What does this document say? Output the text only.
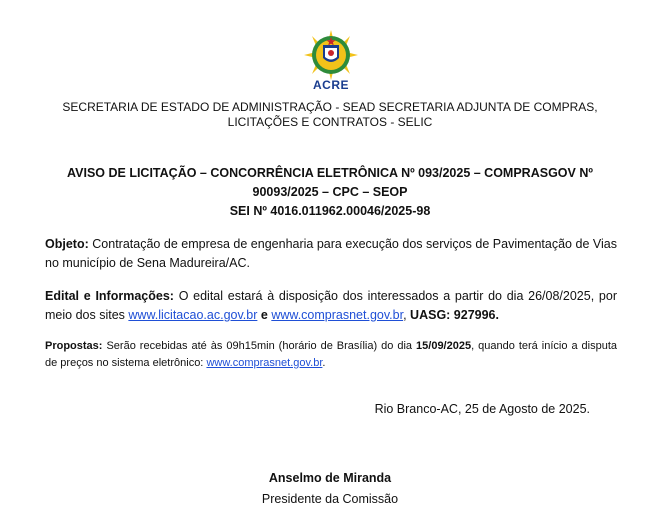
ACRE
SECRETARIA DE ESTADO DE ADMINISTRAÇÃO - SEAD SECRETARIA ADJUNTA DE COMPRAS,
LICITAÇÕES E CONTRATOS - SELIC
AVISO DE LICITAÇÃO – CONCORRÊNCIA ELETRÔNICA Nº 093/2025 – COMPRASGOV Nº
90093/2025 – CPC – SEOP
SEI Nº 4016.011962.00046/2025-98
Objeto: Contratação de empresa de engenharia para execução dos serviços de Pavimentação de Vias no município de Sena Madureira/AC.
Edital e Informações: O edital estará à disposição dos interessados a partir do dia 26/08/2025, por meio dos sites www.licitacao.ac.gov.br e www.comprasnet.gov.br, UASG: 927996.
Propostas: Serão recebidas até às 09h15min (horário de Brasília) do dia 15/09/2025, quando terá início a disputa de preços no sistema eletrônico: www.comprasnet.gov.br.
Rio Branco-AC, 25 de Agosto de 2025.
Anselmo de Miranda
Presidente da Comissão
